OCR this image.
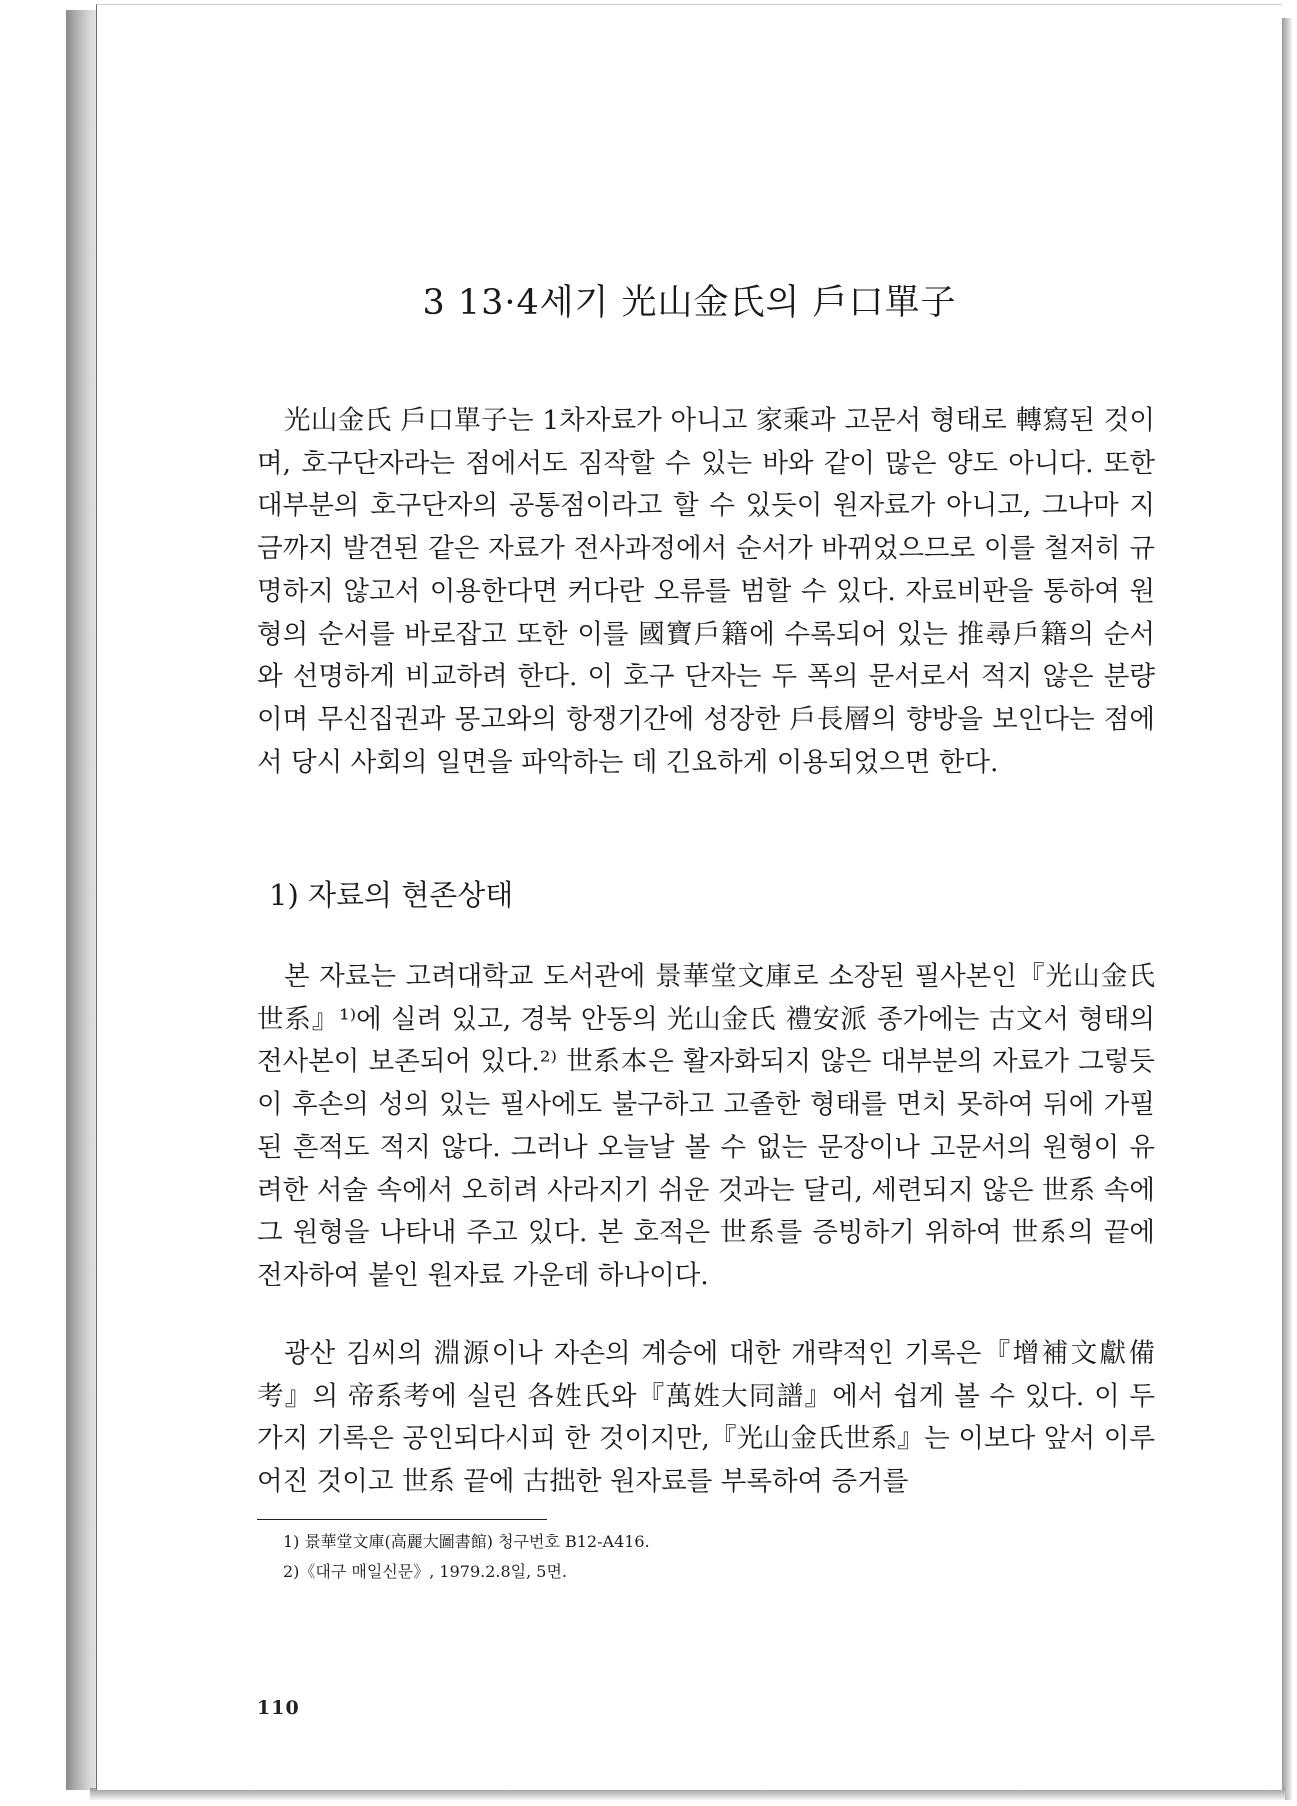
3 13·4세기 光山金氏의 戶口單子

光山金氏 戶口單子는 1차자료가 아니고 家乘과 고문서 형태로 轉寫된 것이며, 호구단자라는 점에서도 짐작할 수 있는 바와 같이 많은 양도 아니다. 또한 대부분의 호구단자의 공통점이라고 할 수 있듯이 원자료가 아니고, 그나마 지금까지 발견된 같은 자료가 전사과정에서 순서가 바뀌었으므로 이를 철저히 규명하지 않고서 이용한다면 커다란 오류를 범할 수 있다. 자료비판을 통하여 원형의 순서를 바로잡고 또한 이를 國寶戶籍에 수록되어 있는 推尋戶籍의 순서와 선명하게 비교하려 한다. 이 호구 단자는 두 폭의 문서로서 적지 않은 분량이며 무신집권과 몽고와의 항쟁기간에 성장한 戶長層의 향방을 보인다는 점에서 당시 사회의 일면을 파악하는 데 긴요하게 이용되었으면 한다.

1) 자료의 현존상태

본 자료는 고려대학교 도서관에 景華堂文庫로 소장된 필사본인『光山金氏世系』¹⁾에 실려 있고, 경북 안동의 光山金氏 禮安派 종가에는 古文서 형태의 전사본이 보존되어 있다.²⁾ 世系本은 활자화되지 않은 대부분의 자료가 그렇듯이 후손의 성의 있는 필사에도 불구하고 고졸한 형태를 면치 못하여 뒤에 가필된 흔적도 적지 않다. 그러나 오늘날 볼 수 없는 문장이나 고문서의 원형이 유려한 서술 속에서 오히려 사라지기 쉬운 것과는 달리, 세련되지 않은 世系 속에 그 원형을 나타내 주고 있다. 본 호적은 世系를 증빙하기 위하여 世系의 끝에 전자하여 붙인 원자료 가운데 하나이다.

광산 김씨의 淵源이나 자손의 계승에 대한 개략적인 기록은『增補文獻備考』의 帝系考에 실린 各姓氏와『萬姓大同譜』에서 쉽게 볼 수 있다. 이 두 가지 기록은 공인되다시피 한 것이지만,『光山金氏世系』는 이보다 앞서 이루어진 것이고 世系 끝에 古拙한 원자료를 부록하여 증거를

1) 景華堂文庫(高麗大圖書館) 청구번호 B12-A416.
2)《대구 매일신문》, 1979.2.8일, 5면.
110
